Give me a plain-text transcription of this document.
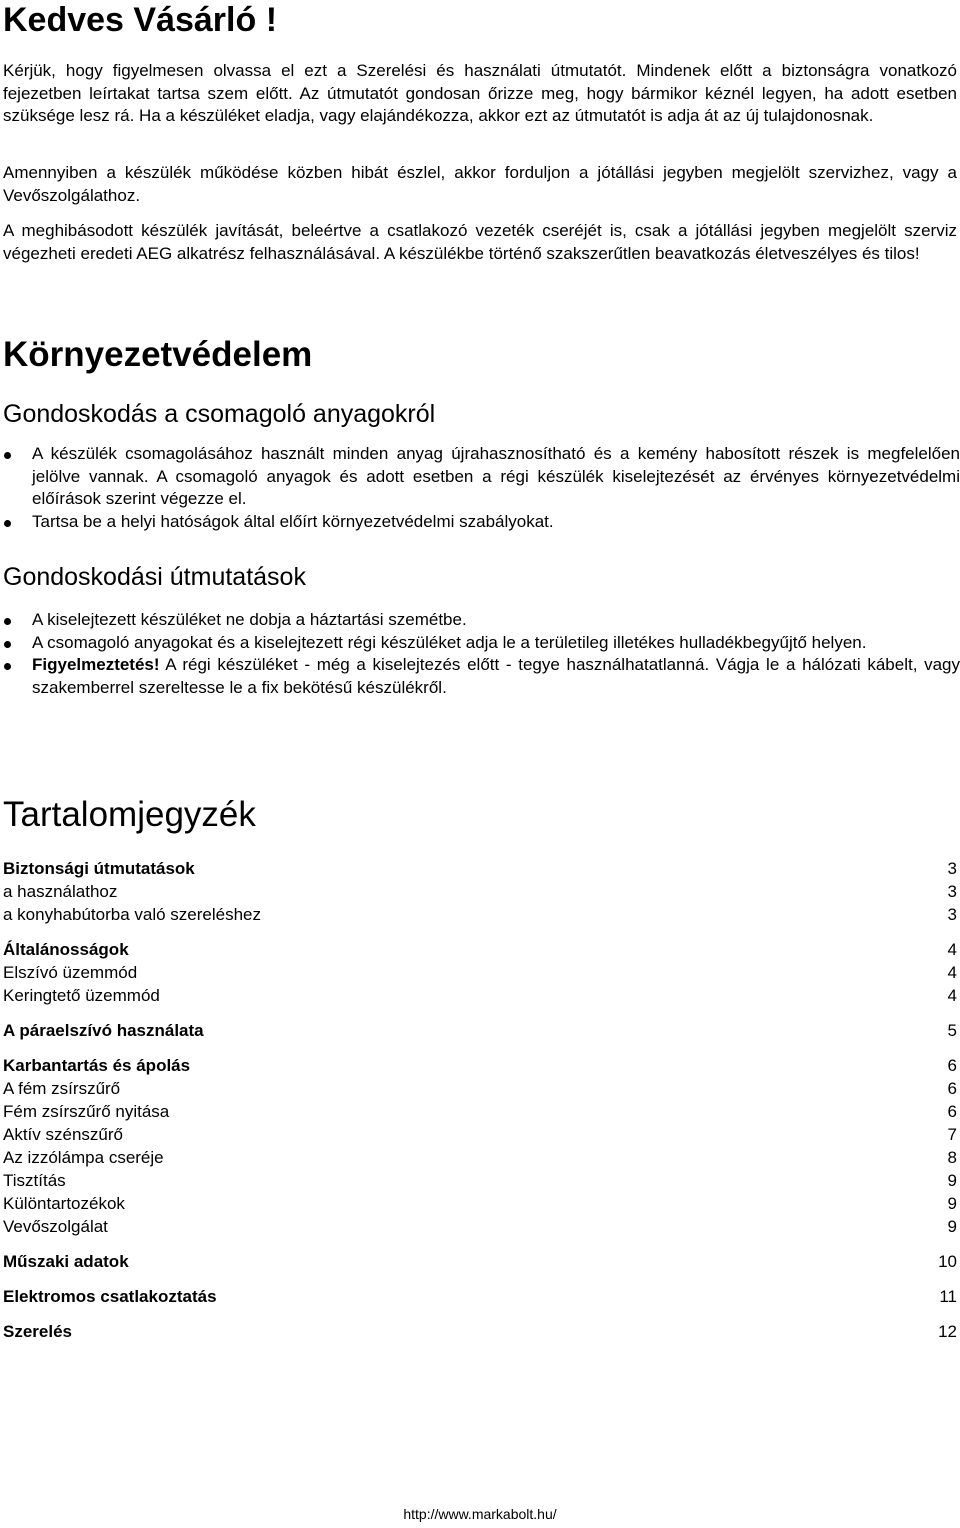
Kedves Vásárló !

Kérjük, hogy figyelmesen olvassa el ezt a Szerelési és használati útmutatót. Mindenek előtt a biztonságra vonatkozó fejezetben leírtakat tartsa szem előtt. Az útmutatót gondosan őrizze meg, hogy bármikor kéznél legyen, ha adott esetben szüksége lesz rá. Ha a készüléket eladja, vagy elajándékozza, akkor ezt az útmutatót is adja át az új tulajdonosnak.

Amennyiben a készülék működése közben hibát észlel, akkor forduljon a jótállási jegyben megjelölt szervizhez, vagy a Vevőszolgálathoz.

A meghibásodott készülék javítását, beleértve a csatlakozó vezeték cseréjét is, csak a jótállási jegyben megjelölt szerviz végezheti eredeti AEG alkatrész felhasználásával. A készülékbe történő szakszerűtlen beavatkozás életveszélyes és tilos!

Környezetvédelem
Gondoskodás a csomagoló anyagokról
A készülék csomagolásához használt minden anyag újrahasznosítható és a kemény habosított részek is megfelelően jelölve vannak. A csomagoló anyagok és adott esetben a régi készülék kiselejtezését az érvényes környezetvédelmi előírások szerint végezze el.
Tartsa be a helyi hatóságok által előírt környezetvédelmi szabályokat.
Gondoskodási útmutatások
A kiselejtezett készüléket ne dobja a háztartási szemétbe.
A csomagoló anyagokat és a kiselejtezett régi készüléket adja le a területileg illetékes hulladékbegyűjtő helyen.
Figyelmeztetés! A régi készüléket - még a kiselejtezés előtt - tegye használhatatlanná. Vágja le a hálózati kábelt, vagy szakemberrel szereltesse le a fix bekötésű készülékről.
Tartalomjegyzék
Biztonsági útmutatások	3
a használathoz	3
a konyhabútorba való szereléshez	3
Általánosságok	4
Elszívó üzemmód	4
Keringtető üzemmód	4
A páraelszívó használata	5
Karbantartás és ápolás	6
A fém zsírszűrő	6
Fém zsírszűrő nyitása	6
Aktív szénszűrő	7
Az izzólámpa cseréje	8
Tisztítás	9
Különtartozékok	9
Vevőszolgálat	9
Műszaki adatok	10
Elektromos csatlakoztatás	11
Szerelés	12
http://www.markabolt.hu/
